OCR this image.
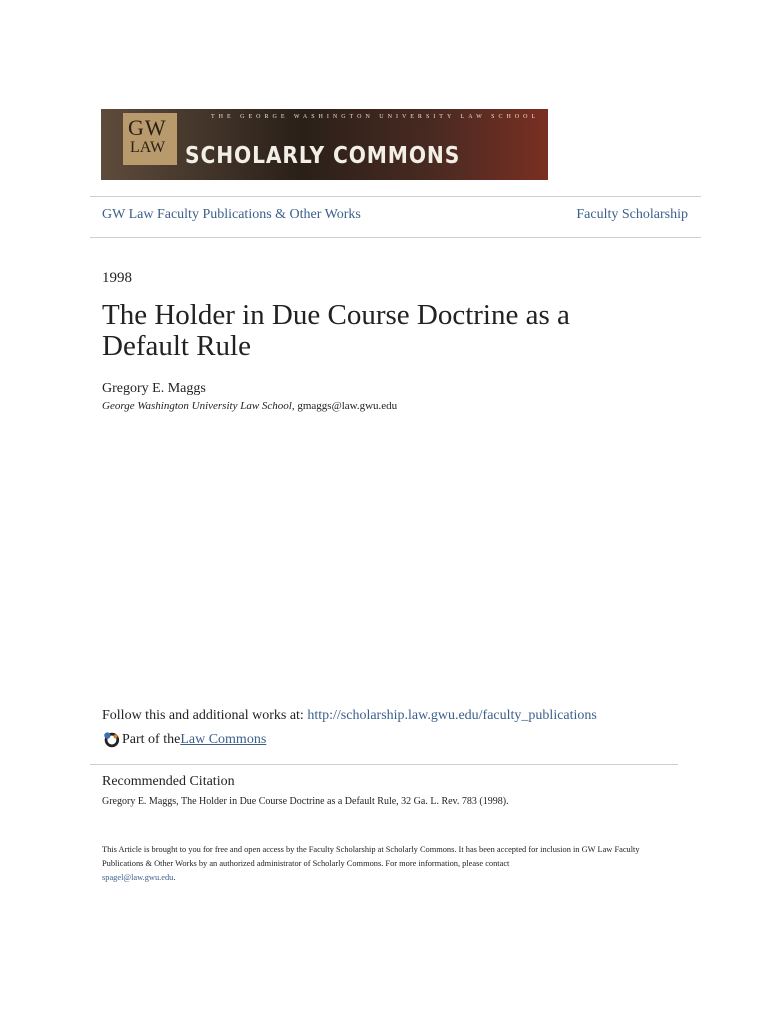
GW
LAW
THE GEORGE WASHINGTON UNIVERSITY LAW SCHOOL
SCHOLARLY COMMONS
GW Law Faculty Publications & Other Works	Faculty Scholarship
1998
The Holder in Due Course Doctrine as a Default Rule
Gregory E. Maggs
George Washington University Law School, gmaggs@law.gwu.edu
Follow this and additional works at: http://scholarship.law.gwu.edu/faculty_publications
Part of the Law Commons
Recommended Citation
Gregory E. Maggs, The Holder in Due Course Doctrine as a Default Rule, 32 Ga. L. Rev. 783 (1998).
This Article is brought to you for free and open access by the Faculty Scholarship at Scholarly Commons. It has been accepted for inclusion in GW Law Faculty Publications & Other Works by an authorized administrator of Scholarly Commons. For more information, please contact
spagel@law.gwu.edu.
